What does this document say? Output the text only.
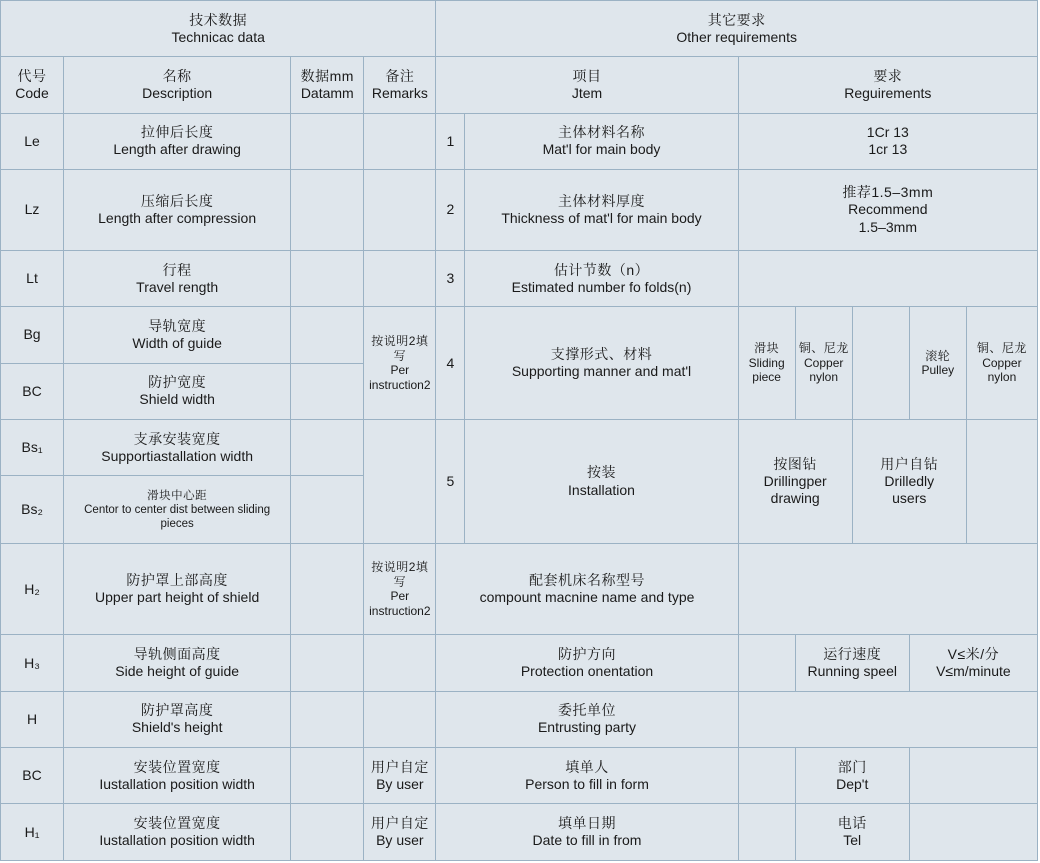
技术数据
Technicac data				其它要求
Other requirements						

代号
Code	名称
Description	数据mm
Datamm	备注
Remarks	项目
Jtem		要求
Reguirements				

Le	拉伸后长度
Length after drawing			1	主体材料名称
Mat'l for main body	1Cr 13
1cr 13				

Lz	压缩后长度
Length after compression			2	主体材料厚度
Thickness of mat'l for main body	推荐1.5–3mm
Recommend
1.5–3mm				

Lt	行程
Travel rength			3	估计节数（n）
Estimated number fo folds(n)					

Bg	导轨宽度
Width of guide		按说明2填写
Per
instruction2	4	支撑形式、材料
Supporting manner and mat'l	滑块
Sliding
piece	铜、尼龙
Copper
nylon		滚轮
Pulley	铜、尼龙
Copper
nylon

BC	防护宽度
Shield width									

Bs₁	支承安装宽度
Supportiastallation width			5	按装
Installation	按图钻
Drillingper
drawing		用户自钻
Drilledly
users		

Bs₂	滑块中心距
Centor to center dist between sliding pieces									

H₂	防护罩上部高度
Upper part height of shield		按说明2填写
Per
instruction2	配套机床名称型号
compount macnine name and type						

H₃	导轨侧面高度
Side height of guide			防护方向
Protection onentation			运行速度
Running speel		V≤米/分
V≤m/minute	

H	防护罩高度
Shield's height			委托单位
Entrusting party						

BC	安装位置宽度
Iustallation position width		用户自定
By user	填单人
Person to fill in form			部门
Dep't			

H₁	安装位置宽度
Iustallation position width		用户自定
By user	填单日期
Date to fill in from			电话
Tel			
